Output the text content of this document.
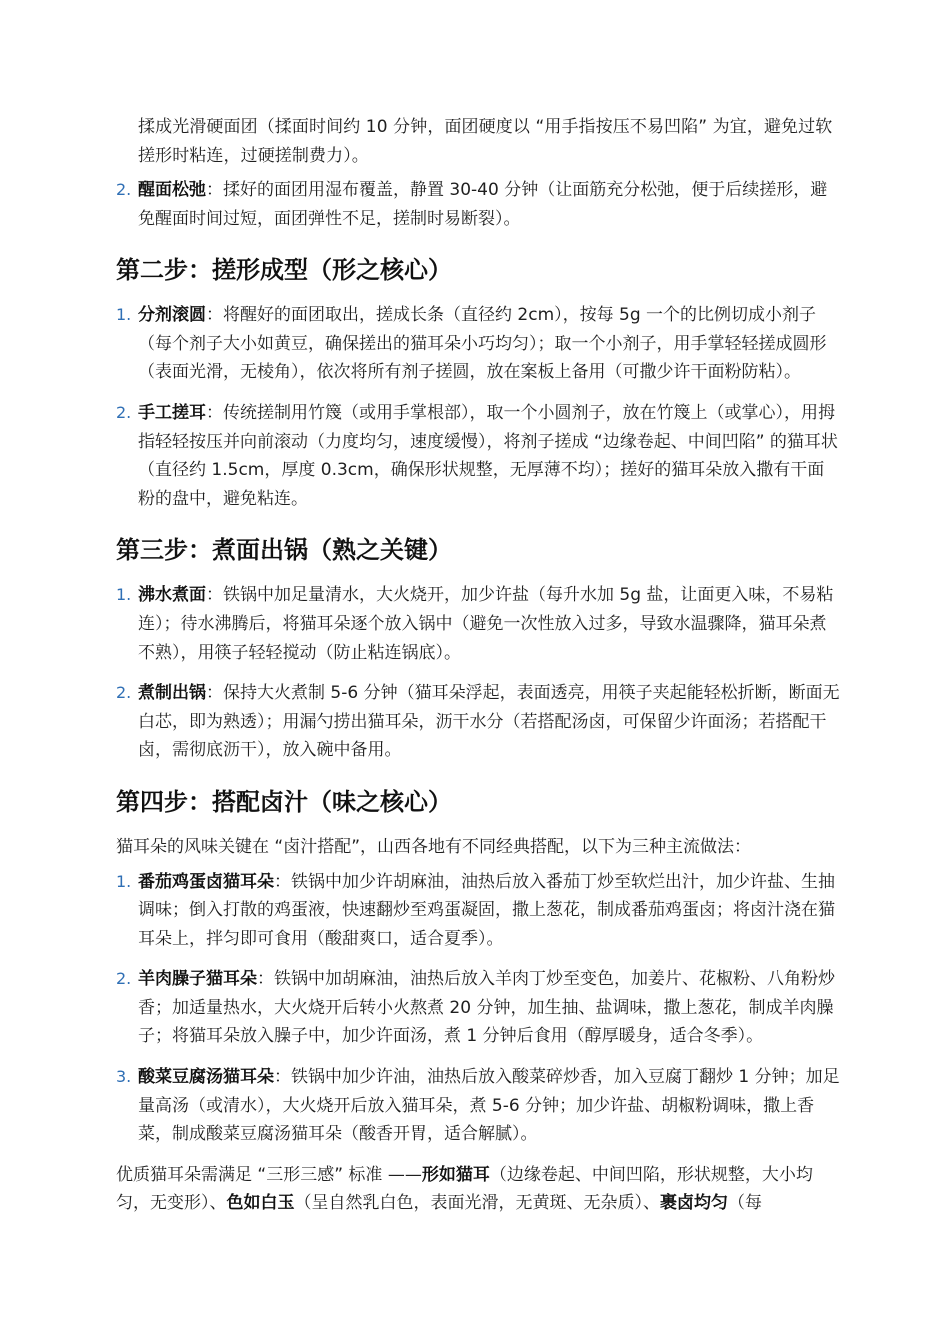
揉成光滑硬面团（揉面时间约 10 分钟，面团硬度以 “用手指按压不易凹陷” 为宜，避免过软搓形时粘连，过硬搓制费力）。

2. 醒面松弛：揉好的面团用湿布覆盖，静置 30-40 分钟（让面筋充分松弛，便于后续搓形，避免醒面时间过短，面团弹性不足，搓制时易断裂）。
第二步：搓形成型（形之核心）
1. 分剂滚圆：将醒好的面团取出，搓成长条（直径约 2cm），按每 5g 一个的比例切成小剂子（每个剂子大小如黄豆，确保搓出的猫耳朵小巧均匀）；取一个小剂子，用手掌轻轻搓成圆形（表面光滑，无棱角），依次将所有剂子搓圆，放在案板上备用（可撒少许干面粉防粘）。
2. 手工搓耳：传统搓制用竹篾（或用手掌根部），取一个小圆剂子，放在竹篾上（或掌心），用拇指轻轻按压并向前滚动（力度均匀，速度缓慢），将剂子搓成 “边缘卷起、中间凹陷” 的猫耳状（直径约 1.5cm，厚度 0.3cm，确保形状规整，无厚薄不均）；搓好的猫耳朵放入撒有干面粉的盘中，避免粘连。
第三步：煮面出锅（熟之关键）
1. 沸水煮面：铁锅中加足量清水，大火烧开，加少许盐（每升水加 5g 盐，让面更入味，不易粘连）；待水沸腾后，将猫耳朵逐个放入锅中（避免一次性放入过多，导致水温骤降，猫耳朵煮不熟），用筷子轻轻搅动（防止粘连锅底）。
2. 煮制出锅：保持大火煮制 5-6 分钟（猫耳朵浮起，表面透亮，用筷子夹起能轻松折断，断面无白芯，即为熟透）；用漏勺捞出猫耳朵，沥干水分（若搭配汤卤，可保留少许面汤；若搭配干卤，需彻底沥干），放入碗中备用。
第四步：搭配卤汁（味之核心）

猫耳朵的风味关键在 “卤汁搭配”，山西各地有不同经典搭配，以下为三种主流做法：

1. 番茄鸡蛋卤猫耳朵：铁锅中加少许胡麻油，油热后放入番茄丁炒至软烂出汁，加少许盐、生抽调味；倒入打散的鸡蛋液，快速翻炒至鸡蛋凝固，撒上葱花，制成番茄鸡蛋卤；将卤汁浇在猫耳朵上，拌匀即可食用（酸甜爽口，适合夏季）。
2. 羊肉臊子猫耳朵：铁锅中加胡麻油，油热后放入羊肉丁炒至变色，加姜片、花椒粉、八角粉炒香；加适量热水，大火烧开后转小火熬煮 20 分钟，加生抽、盐调味，撒上葱花，制成羊肉臊子；将猫耳朵放入臊子中，加少许面汤，煮 1 分钟后食用（醇厚暖身，适合冬季）。
3. 酸菜豆腐汤猫耳朵：铁锅中加少许油，油热后放入酸菜碎炒香，加入豆腐丁翻炒 1 分钟；加足量高汤（或清水），大火烧开后放入猫耳朵，煮 5-6 分钟；加少许盐、胡椒粉调味，撒上香菜，制成酸菜豆腐汤猫耳朵（酸香开胃，适合解腻）。

优质猫耳朵需满足 “三形三感” 标准 ——形如猫耳（边缘卷起、中间凹陷，形状规整，大小均匀，无变形）、色如白玉（呈自然乳白色，表面光滑，无黄斑、无杂质）、裹卤均匀（每
